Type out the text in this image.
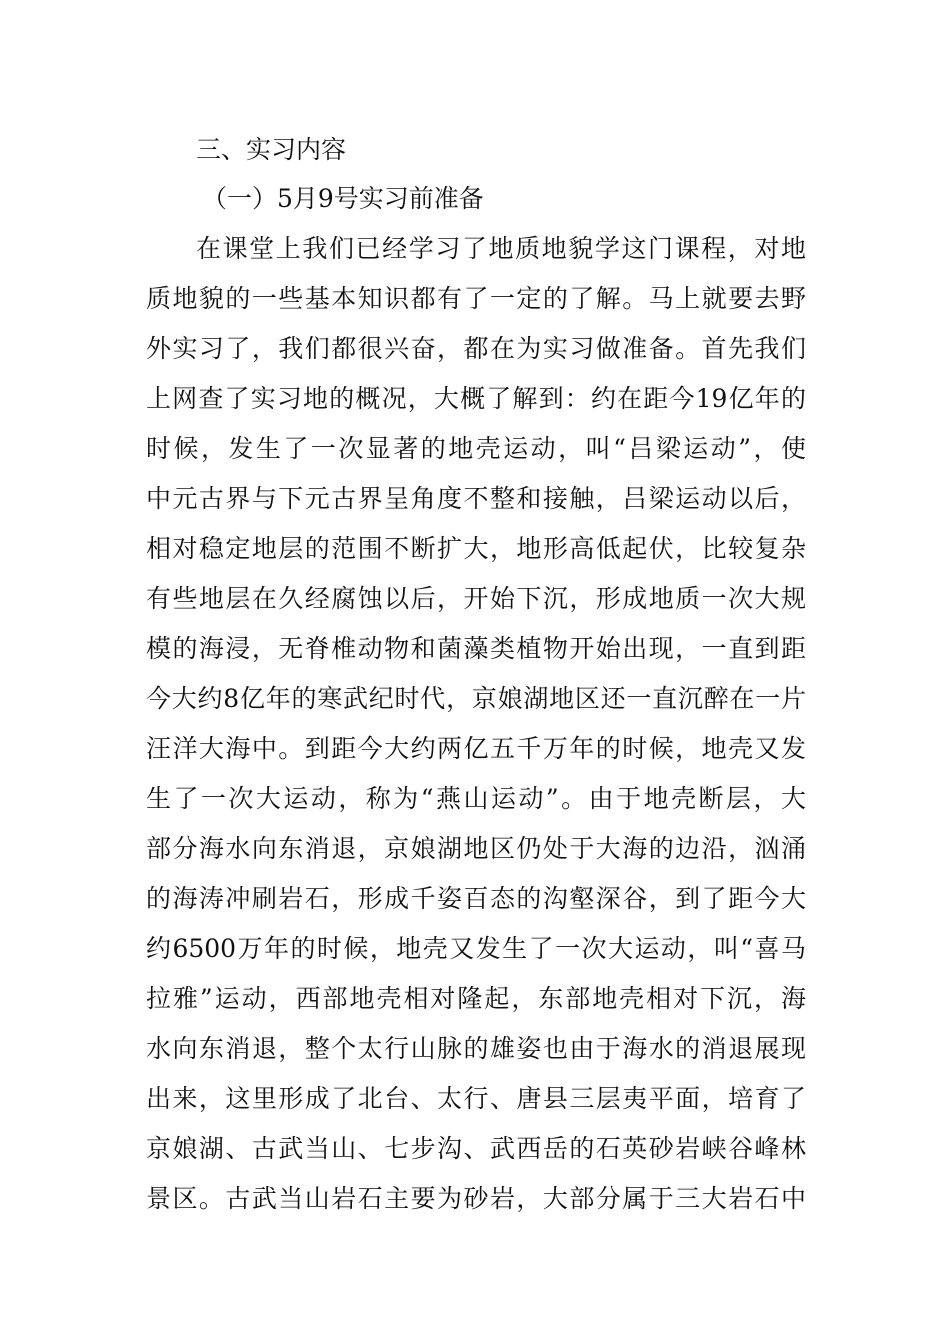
三、实习内容
（一）5月9号实习前准备
在课堂上我们已经学习了地质地貌学这门课程，对地
质地貌的一些基本知识都有了一定的了解。马上就要去野
外实习了，我们都很兴奋，都在为实习做准备。首先我们
上网查了实习地的概况，大概了解到：约在距今19亿年的
时候，发生了一次显著的地壳运动，叫“吕梁运动”，使
中元古界与下元古界呈角度不整和接触，吕梁运动以后，
相对稳定地层的范围不断扩大，地形高低起伏，比较复杂
有些地层在久经腐蚀以后，开始下沉，形成地质一次大规
模的海浸，无脊椎动物和菌藻类植物开始出现，一直到距
今大约8亿年的寒武纪时代，京娘湖地区还一直沉醉在一片
汪洋大海中。到距今大约两亿五千万年的时候，地壳又发
生了一次大运动，称为“燕山运动”。由于地壳断层，大
部分海水向东消退，京娘湖地区仍处于大海的边沿，汹涌
的海涛冲刷岩石，形成千姿百态的沟壑深谷，到了距今大
约6500万年的时候，地壳又发生了一次大运动，叫“喜马
拉雅”运动，西部地壳相对隆起，东部地壳相对下沉，海
水向东消退，整个太行山脉的雄姿也由于海水的消退展现
出来，这里形成了北台、太行、唐县三层夷平面，培育了
京娘湖、古武当山、七步沟、武西岳的石英砂岩峡谷峰林
景区。古武当山岩石主要为砂岩，大部分属于三大岩石中
